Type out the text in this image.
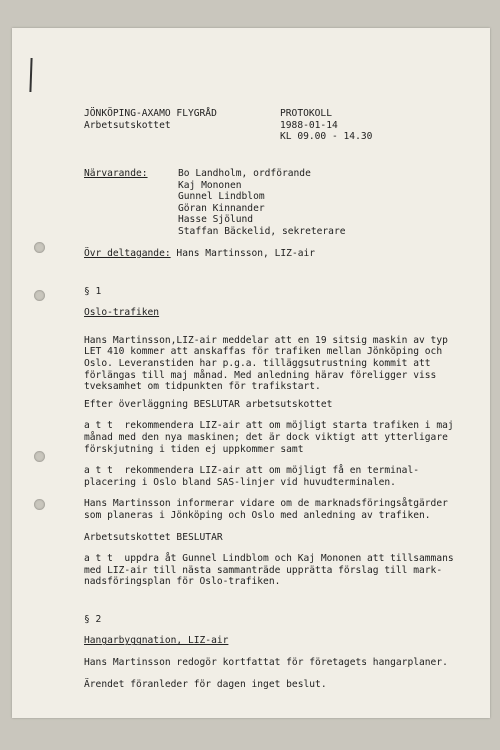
JÖNKÖPING-AXAMO FLYGRÅD
Arbetsutskottet
PROTOKOLL
1988-01-14
KL 09.00 - 14.30
Närvarande:	Bo Landholm, ordförande
Kaj Mononen
Gunnel Lindblom
Göran Kinnander
Hasse Sjölund
Staffan Bäckelid, sekreterare
Övr deltagande: Hans Martinsson, LIZ-air
§ 1
Oslo-trafiken
Hans Martinsson,LIZ-air meddelar att en 19 sitsig maskin av typ
LET 410 kommer att anskaffas för trafiken mellan Jönköping och
Oslo. Leveranstiden har p.g.a. tilläggsutrustning kommit att
förlängas till maj månad. Med anledning härav föreligger viss
tveksamhet om tidpunkten för trafikstart.
Efter överläggning BESLUTAR arbetsutskottet
a t t  rekommendera LIZ-air att om möjligt starta trafiken i maj
månad med den nya maskinen; det är dock viktigt att ytterligare
förskjutning i tiden ej uppkommer samt
a t t  rekommendera LIZ-air att om möjligt få en terminal-
placering i Oslo bland SAS-linjer vid huvudterminalen.
Hans Martinsson informerar vidare om de marknadsföringsåtgärder
som planeras i Jönköping och Oslo med anledning av trafiken.
Arbetsutskottet BESLUTAR
a t t  uppdra åt Gunnel Lindblom och Kaj Mononen att tillsammans
med LIZ-air till nästa sammanträde upprätta förslag till mark-
nadsföringsplan för Oslo-trafiken.
§ 2
Hangarbyggnation, LIZ-air
Hans Martinsson redogör kortfattat för företagets hangarplaner.
Ärendet föranleder för dagen inget beslut.
